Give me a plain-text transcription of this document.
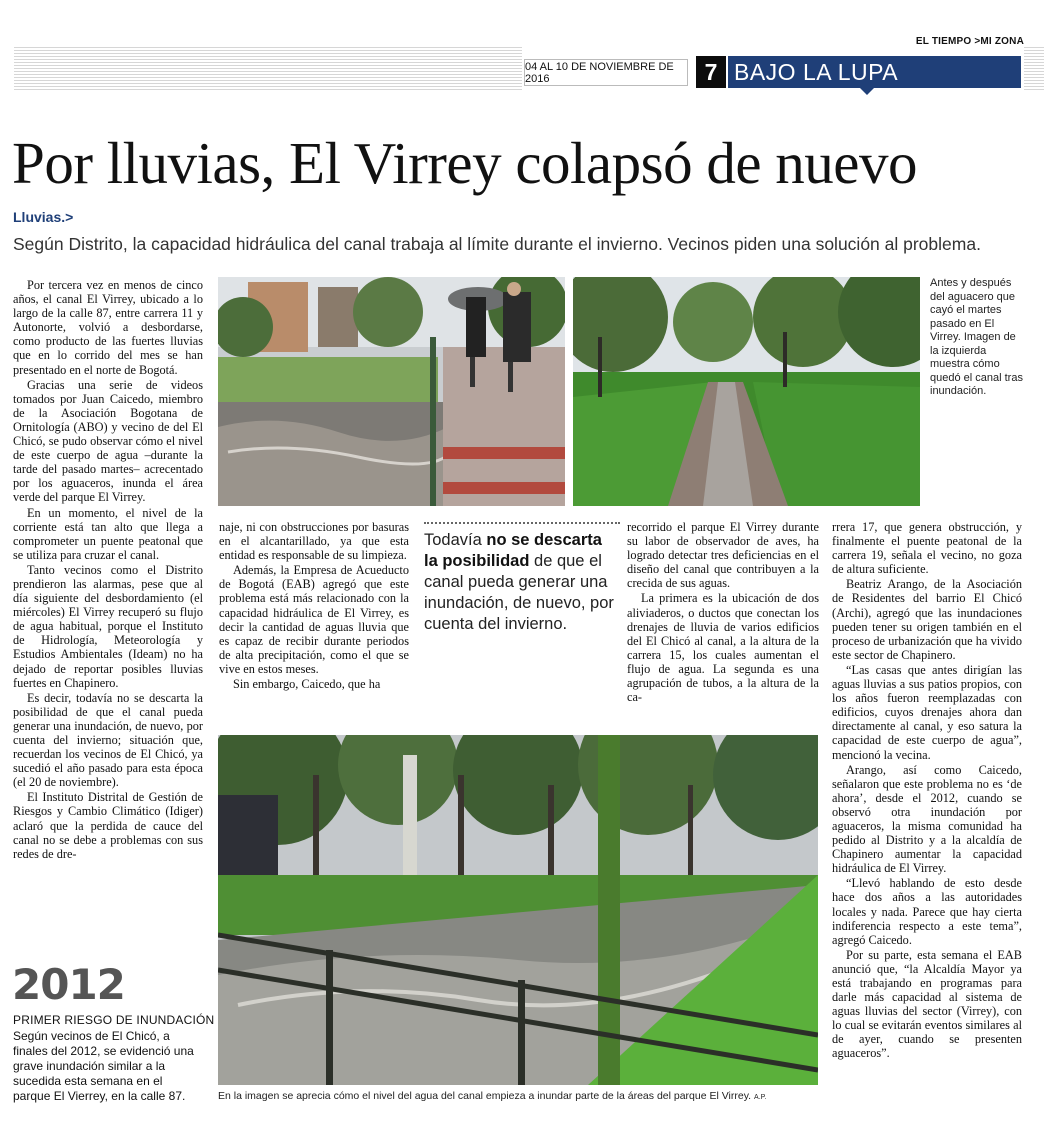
EL TIEMPO >MI ZONA
04 AL 10 DE NOVIEMBRE DE 2016	7 BAJO LA LUPA
Por lluvias, El Virrey colapsó de nuevo
Lluvias.>
Según Distrito, la capacidad hidráulica del canal trabaja al límite durante el invierno. Vecinos piden una solución al problema.

Por tercera vez en menos de cinco años, el canal El Virrey, ubicado a lo largo de la calle 87, entre carrera 11 y Autonorte, volvió a desbordarse, como producto de las fuertes lluvias que en lo corrido del mes se han presentado en el norte de Bogotá.

Gracias una serie de videos tomados por Juan Caicedo, miembro de la Asociación Bogotana de Ornitología (ABO) y vecino de del El Chicó, se pudo observar cómo el nivel de este cuerpo de agua –durante la tarde del pasado martes– acrecentado por los aguaceros, inunda el área verde del parque El Virrey.

En un momento, el nivel de la corriente está tan alto que llega a comprometer un puente peatonal que se utiliza para cruzar el canal.

Tanto vecinos como el Distrito prendieron las alarmas, pese que al día siguiente del desbordamiento (el miércoles) El Virrey recuperó su flujo de agua habitual, porque el Instituto de Hidrología, Meteorología y Estudios Ambientales (Ideam) no ha dejado de reportar posibles lluvias fuertes en Chapinero.

Es decir, todavía no se descarta la posibilidad de que el canal pueda generar una inundación, de nuevo, por cuenta del invierno; situación que, recuerdan los vecinos de El Chicó, ya sucedió el año pasado para esta época (el 20 de noviembre).

El Instituto Distrital de Gestión de Riesgos y Cambio Climático (Idiger) aclaró que la perdida de cauce del canal no se debe a problemas con sus redes de dre-

2012
PRIMER RIESGO DE INUNDACIÓN
Según vecinos de El Chicó, a finales del 2012, se evidenció una grave inundación similar a la sucedida esta semana en el parque El Vierrey, en la calle 87.
Antes y después del aguacero que cayó el martes pasado en El Virrey. Imagen de la izquierda muestra cómo quedó el canal tras inundación.

naje, ni con obstrucciones por basuras en el alcantarillado, ya que esta entidad es responsable de su limpieza.

Además, la Empresa de Acueducto de Bogotá (EAB) agregó que este problema está más relacionado con la capacidad hidráulica de El Virrey, es decir la cantidad de aguas lluvia que es capaz de recibir durante periodos de alta precipitación, como el que se vive en estos meses.

Sin embargo, Caicedo, que ha

Todavía no se descarta la posibilidad de que el canal pueda generar una inundación, de nuevo, por cuenta del invierno.

recorrido el parque El Virrey durante su labor de observador de aves, ha logrado detectar tres deficiencias en el diseño del canal que contribuyen a la crecida de sus aguas.

La primera es la ubicación de dos aliviaderos, o ductos que conectan los drenajes de lluvia de varios edificios del El Chicó al canal, a la altura de la carrera 15, los cuales aumentan el flujo de agua. La segunda es una agrupación de tubos, a la altura de la ca-

rrera 17, que genera obstrucción, y finalmente el puente peatonal de la carrera 19, señala el vecino, no goza de altura suficiente.

Beatriz Arango, de la Asociación de Residentes del barrio El Chicó (Archi), agregó que las inundaciones pueden tener su origen también en el proceso de urbanización que ha vivido este sector de Chapinero.

“Las casas que antes dirigían las aguas lluvias a sus patios propios, con los años fueron reemplazadas con edificios, cuyos drenajes ahora dan directamente al canal, y eso satura la capacidad de este cuerpo de agua”, mencionó la vecina.

Arango, así como Caicedo, señalaron que este problema no es ‘de ahora’, desde el 2012, cuando se observó otra inundación por aguaceros, la misma comunidad ha pedido al Distrito y a la alcaldía de Chapinero aumentar la capacidad hidráulica de El Virrey.

“Llevó hablando de esto desde hace dos años a las autoridades locales y nada. Parece que hay cierta indiferencia respecto a este tema”, agregó Caicedo.

Por su parte, esta semana el EAB anunció que, “la Alcaldía Mayor ya está trabajando en programas para darle más capacidad al sistema de aguas lluvias del sector (Virrey), con lo cual se evitarán eventos similares al de ayer, cuando se presenten aguaceros”.

En la imagen se aprecia cómo el nivel del agua del canal empieza a inundar parte de la áreas del parque El Virrey. A.P.
